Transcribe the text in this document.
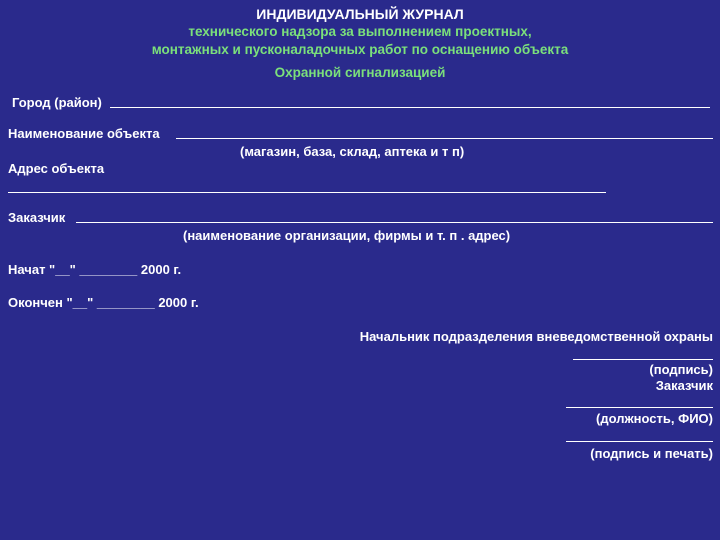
ИНДИВИДУАЛЬНЫЙ ЖУРНАЛ
технического надзора за выполнением проектных,
монтажных и пусконаладочных работ по оснащению объекта
Охранной сигнализацией
Город (район)
Наименование объекта
(магазин, база, склад, аптека и т п)
Адрес объекта
Заказчик
(наименование организации, фирмы и т. п . адрес)
Начат "__" ________ 2000 г.
Окончен "__" ________ 2000 г.
Начальник подразделения вневедомственной охраны
(подпись)
Заказчик
(должность, ФИО)
(подпись и печать)
